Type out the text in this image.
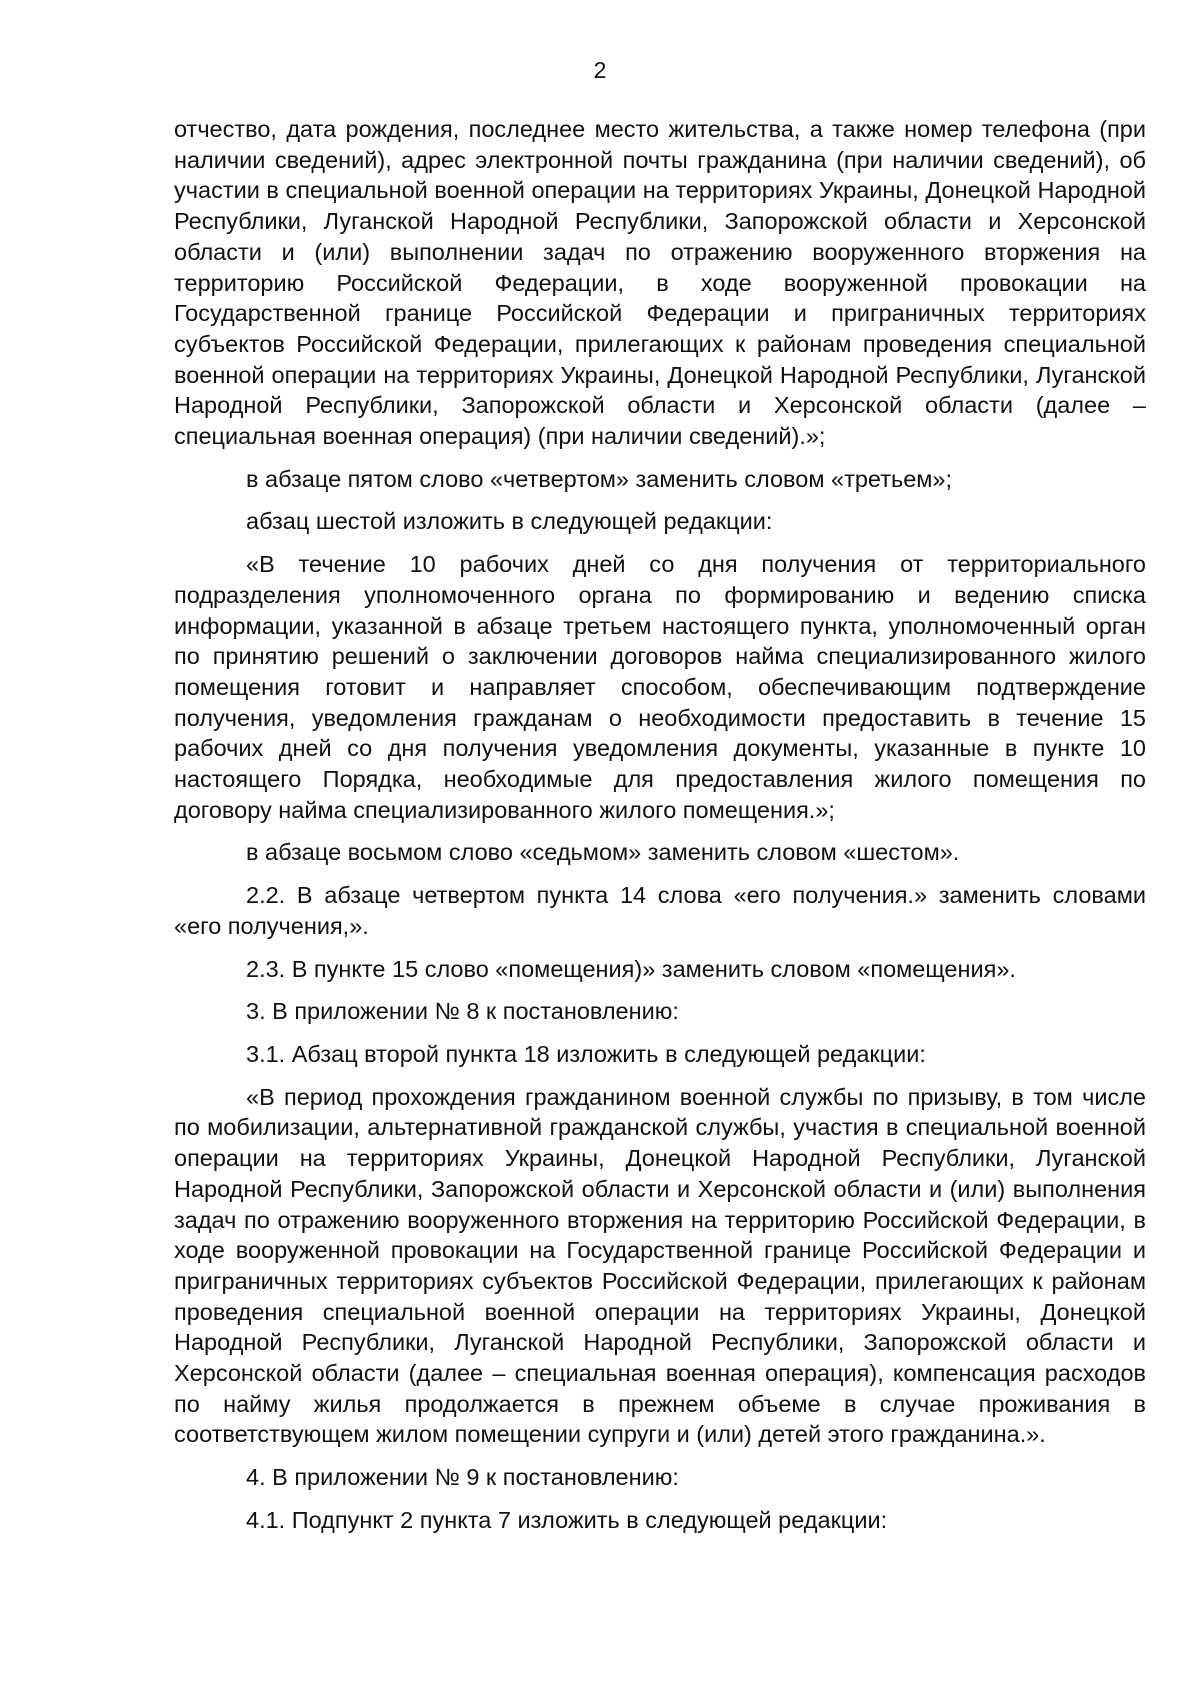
2

отчество, дата рождения, последнее место жительства, а также номер телефона (при наличии сведений), адрес электронной почты гражданина (при наличии сведений), об участии в специальной военной операции на территориях Украины, Донецкой Народной Республики, Луганской Народной Республики, Запорожской области и Херсонской области и (или) выполнении задач по отражению вооруженного вторжения на территорию Российской Федерации, в ходе вооруженной провокации на Государственной границе Российской Федерации и приграничных территориях субъектов Российской Федерации, прилегающих к районам проведения специальной военной операции на территориях Украины, Донецкой Народной Республики, Луганской Народной Республики, Запорожской области и Херсонской области (далее – специальная военная операция) (при наличии сведений).»;

в абзаце пятом слово «четвертом» заменить словом «третьем»;

абзац шестой изложить в следующей редакции:

«В течение 10 рабочих дней со дня получения от территориального подразделения уполномоченного органа по формированию и ведению списка информации, указанной в абзаце третьем настоящего пункта, уполномоченный орган по принятию решений о заключении договоров найма специализированного жилого помещения готовит и направляет способом, обеспечивающим подтверждение получения, уведомления гражданам о необходимости предоставить в течение 15 рабочих дней со дня получения уведомления документы, указанные в пункте 10 настоящего Порядка, необходимые для предоставления жилого помещения по договору найма специализированного жилого помещения.»;

в абзаце восьмом слово «седьмом» заменить словом «шестом».

2.2. В абзаце четвертом пункта 14 слова «его получения.» заменить словами «его получения,».

2.3. В пункте 15 слово «помещения)» заменить словом «помещения».

3. В приложении № 8 к постановлению:

3.1. Абзац второй пункта 18 изложить в следующей редакции:

«В период прохождения гражданином военной службы по призыву, в том числе по мобилизации, альтернативной гражданской службы, участия в специальной военной операции на территориях Украины, Донецкой Народной Республики, Луганской Народной Республики, Запорожской области и Херсонской области и (или) выполнения задач по отражению вооруженного вторжения на территорию Российской Федерации, в ходе вооруженной провокации на Государственной границе Российской Федерации и приграничных территориях субъектов Российской Федерации, прилегающих к районам проведения специальной военной операции на территориях Украины, Донецкой Народной Республики, Луганской Народной Республики, Запорожской области и Херсонской области (далее – специальная военная операция), компенсация расходов по найму жилья продолжается в прежнем объеме в случае проживания в соответствующем жилом помещении супруги и (или) детей этого гражданина.».

4. В приложении № 9 к постановлению:

4.1. Подпункт 2 пункта 7 изложить в следующей редакции:
